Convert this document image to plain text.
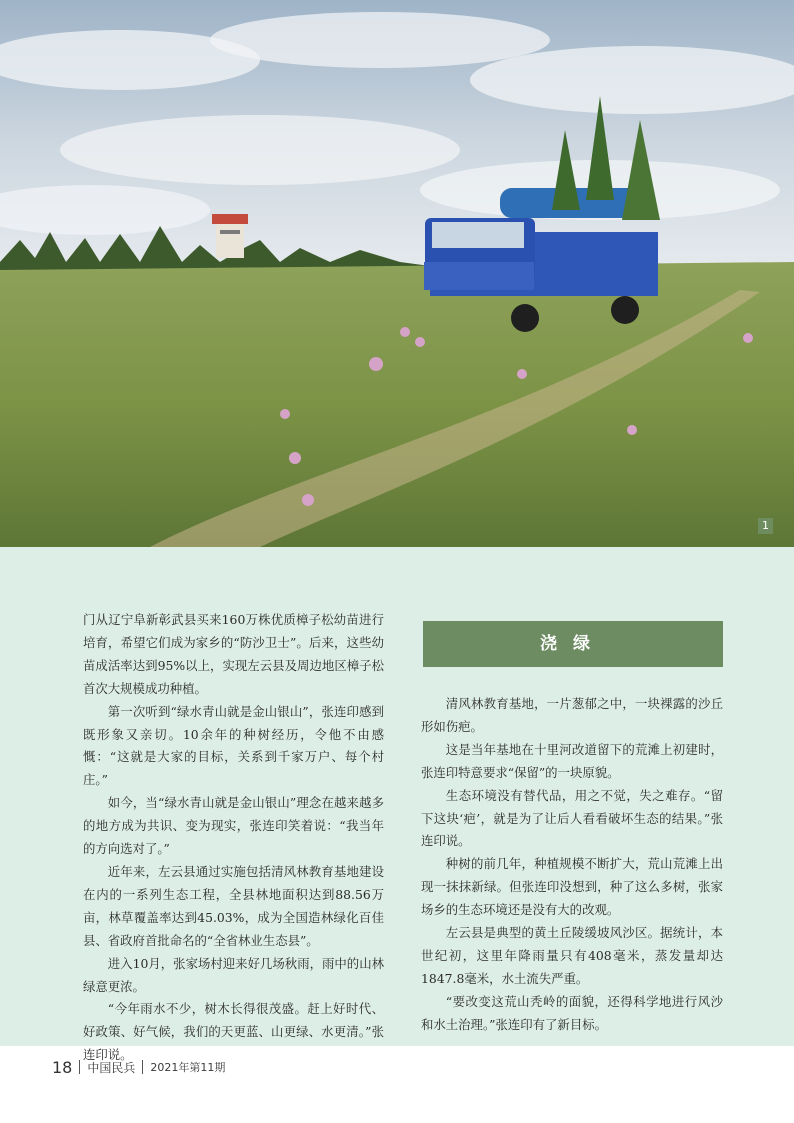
1

门从辽宁阜新彰武县买来160万株优质樟子松幼苗进行培育，希望它们成为家乡的“防沙卫士”。后来，这些幼苗成活率达到95%以上，实现左云县及周边地区樟子松首次大规模成功种植。

第一次听到“绿水青山就是金山银山”，张连印感到既形象又亲切。10余年的种树经历，令他不由感慨：“这就是大家的目标，关系到千家万户、每个村庄。”

如今，当“绿水青山就是金山银山”理念在越来越多的地方成为共识、变为现实，张连印笑着说：“我当年的方向选对了。”

近年来，左云县通过实施包括清风林教育基地建设在内的一系列生态工程，全县林地面积达到88.56万亩，林草覆盖率达到45.03%，成为全国造林绿化百佳县、省政府首批命名的“全省林业生态县”。

进入10月，张家场村迎来好几场秋雨，雨中的山林绿意更浓。

“今年雨水不少，树木长得很茂盛。赶上好时代、好政策、好气候，我们的天更蓝、山更绿、水更清。”张连印说。

浇绿

清风林教育基地，一片葱郁之中，一块裸露的沙丘形如伤疤。

这是当年基地在十里河改道留下的荒滩上初建时，张连印特意要求“保留”的一块原貌。

生态环境没有替代品，用之不觉，失之难存。“留下这块‘疤’，就是为了让后人看看破坏生态的结果。”张连印说。

种树的前几年，种植规模不断扩大，荒山荒滩上出现一抹抹新绿。但张连印没想到，种了这么多树，张家场乡的生态环境还是没有大的改观。

左云县是典型的黄土丘陵缓坡风沙区。据统计，本世纪初，这里年降雨量只有408毫米，蒸发量却达1847.8毫米，水土流失严重。

“要改变这荒山秃岭的面貌，还得科学地进行风沙和水土治理。”张连印有了新目标。

18 中国民兵 2021年第11期
